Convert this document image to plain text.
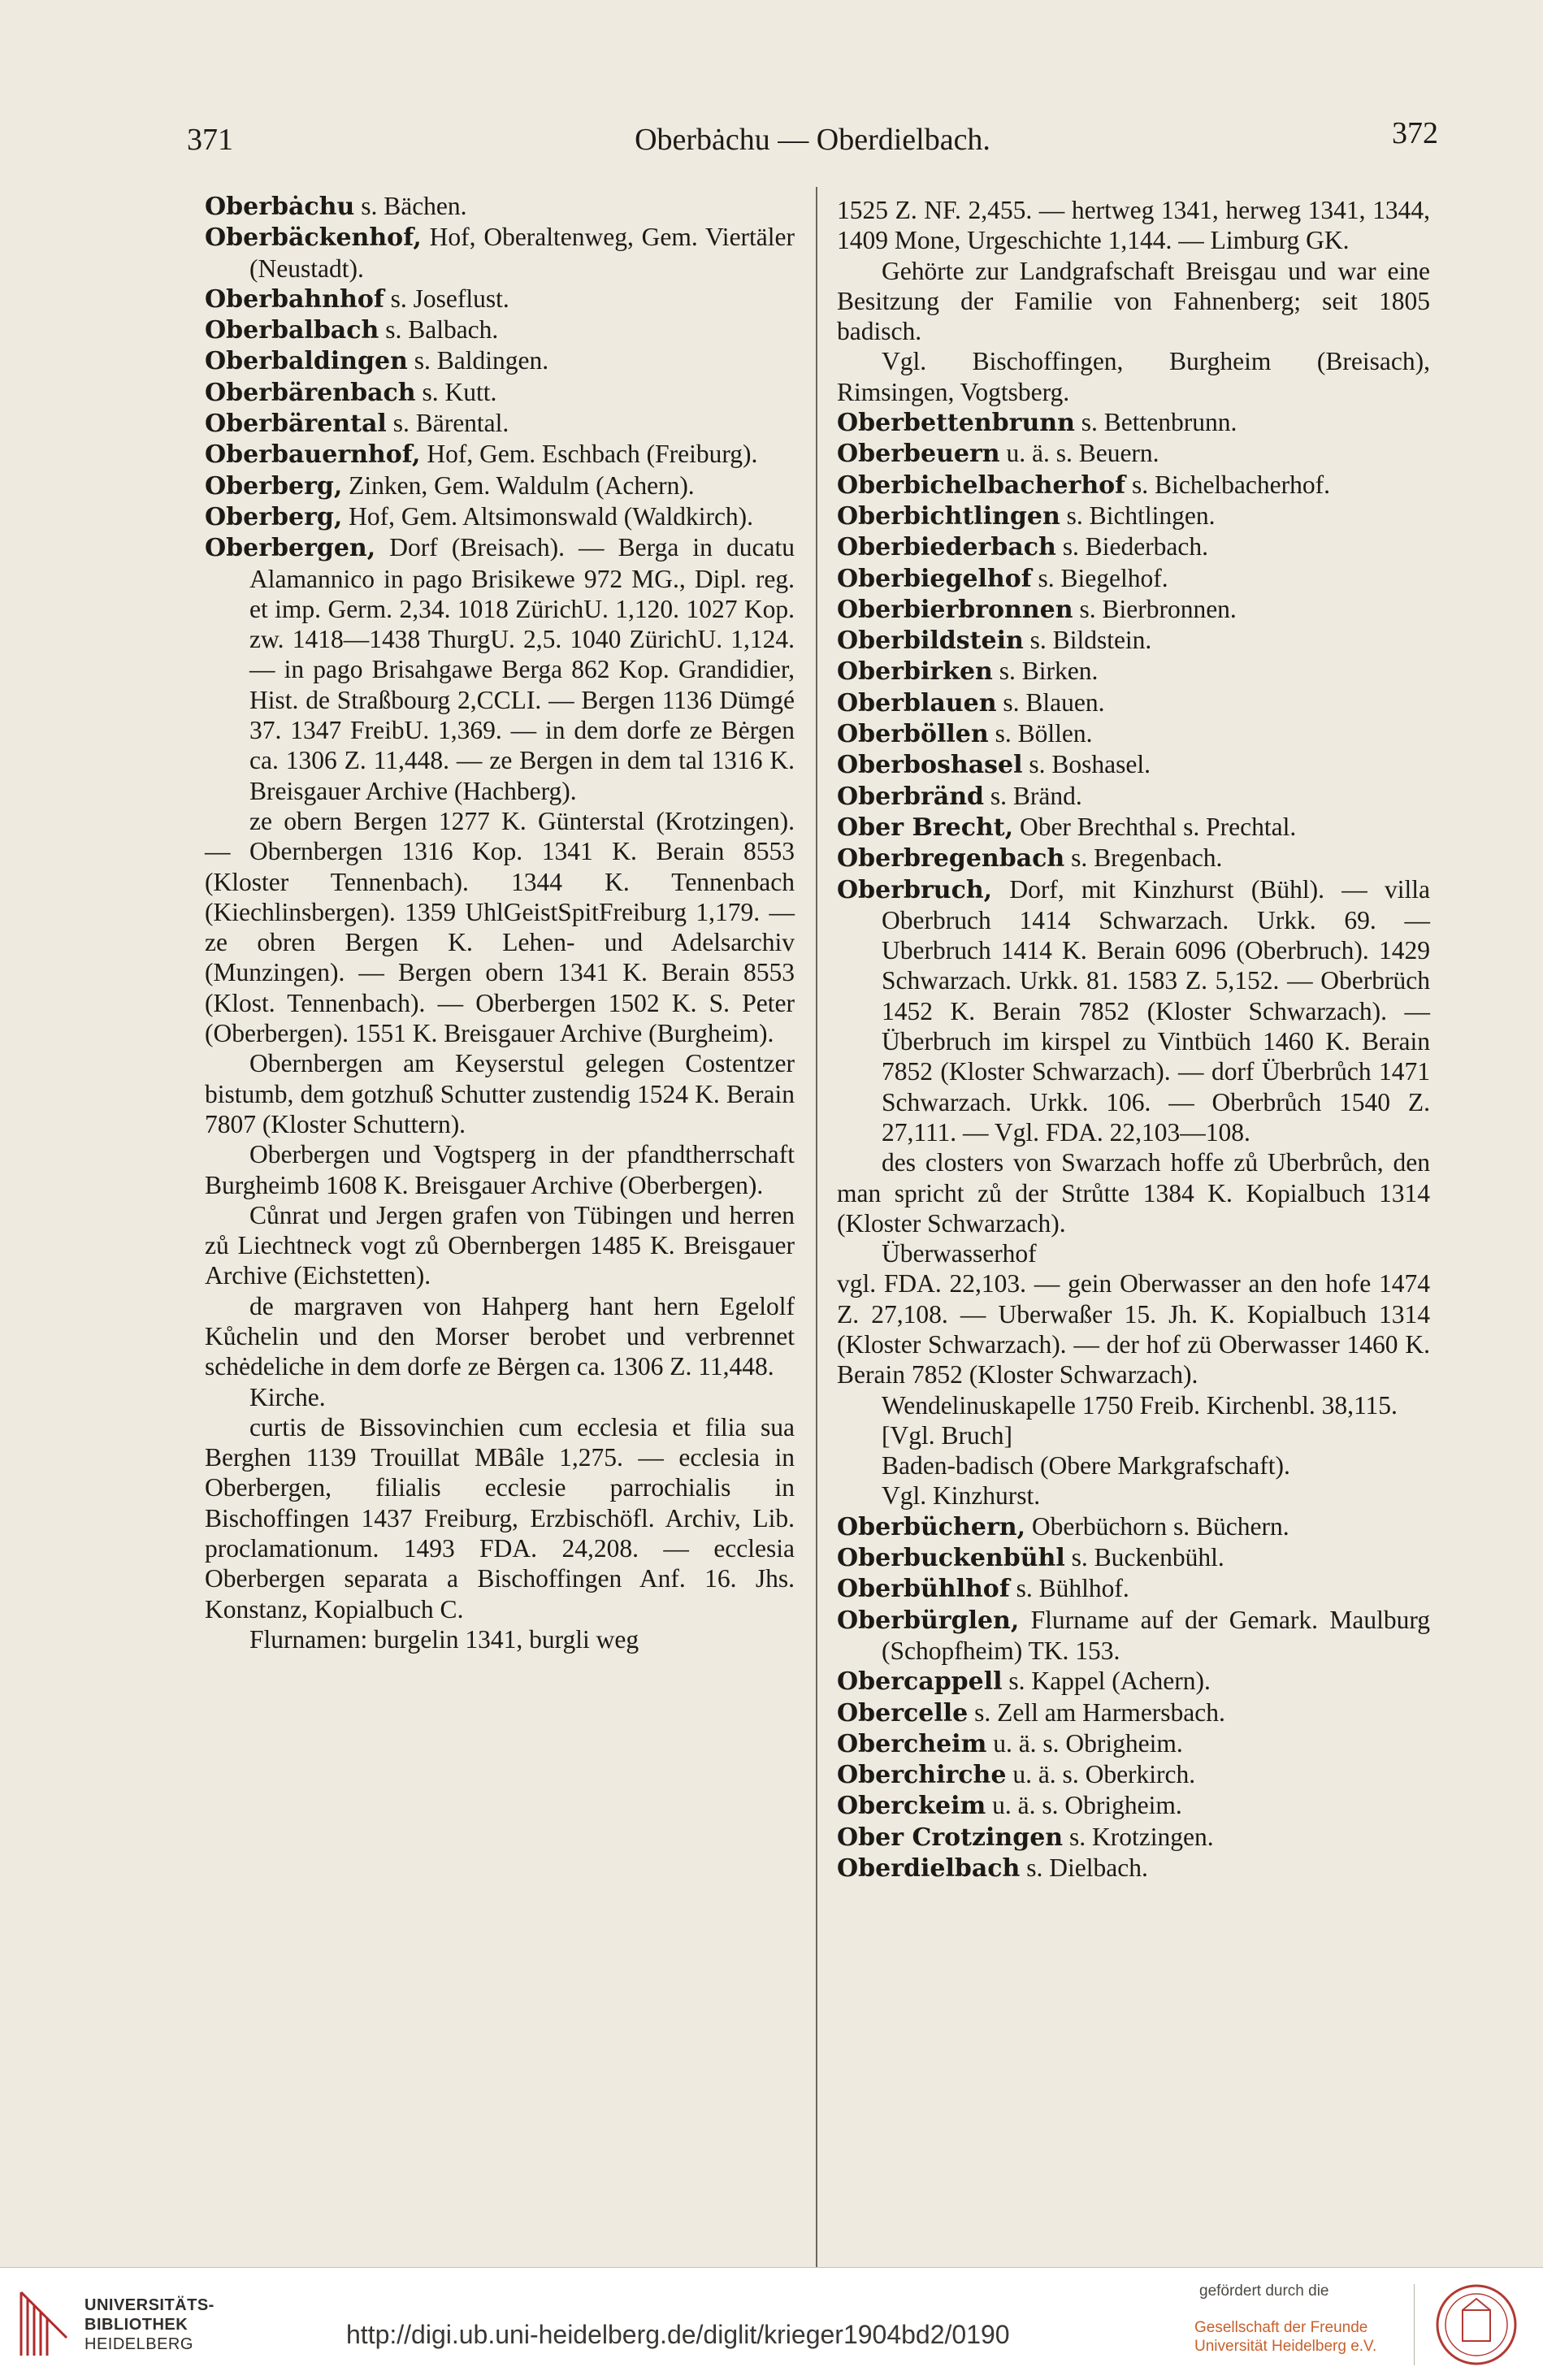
371	Oberbȧchu — Oberdielbach.	372

Oberbȧchu s. Bächen.

Oberbäckenhof, Hof, Oberaltenweg, Gem. Viertäler (Neustadt).

Oberbahnhof s. Joseflust.

Oberbalbach s. Balbach.

Oberbaldingen s. Baldingen.

Oberbärenbach s. Kutt.

Oberbärental s. Bärental.

Oberbauernhof, Hof, Gem. Eschbach (Freiburg).

Oberberg, Zinken, Gem. Waldulm (Achern).

Oberberg, Hof, Gem. Altsimonswald (Waldkirch).

Oberbergen, Dorf (Breisach). — Berga in ducatu Alamannico in pago Brisikewe 972 MG., Dipl. reg. et imp. Germ. 2,34. 1018 ZürichU. 1,120. 1027 Kop. zw. 1418—1438 ThurgU. 2,5. 1040 ZürichU. 1,124. — in pago Brisahgawe Berga 862 Kop. Grandidier, Hist. de Straßbourg 2,CCLI. — Bergen 1136 Dümgé 37. 1347 FreibU. 1,369. — in dem dorfe ze Bėrgen ca. 1306 Z. 11,448. — ze Bergen in dem tal 1316 K. Breisgauer Archive (Hachberg).

ze obern Bergen 1277 K. Günterstal (Krotzingen). — Obernbergen 1316 Kop. 1341 K. Berain 8553 (Kloster Tennenbach). 1344 K. Tennenbach (Kiechlinsbergen). 1359 UhlGeistSpitFreiburg 1,179. — ze obren Bergen K. Lehen- und Adelsarchiv (Munzingen). — Bergen obern 1341 K. Berain 8553 (Klost. Tennenbach). — Oberbergen 1502 K. S. Peter (Oberbergen). 1551 K. Breisgauer Archive (Burgheim).

Obernbergen am Keyserstul gelegen Costentzer bistumb, dem gotzhuß Schutter zustendig 1524 K. Berain 7807 (Kloster Schuttern).

Oberbergen und Vogtsperg in der pfandtherrschaft Burgheimb 1608 K. Breisgauer Archive (Oberbergen).

Cůnrat und Jergen grafen von Tübingen und herren zů Liechtneck vogt zů Obernbergen 1485 K. Breisgauer Archive (Eichstetten).

de margraven von Hahperg hant hern Egelolf Kůchelin und den Morser berobet und verbrennet schėdeliche in dem dorfe ze Bėrgen ca. 1306 Z. 11,448.

Kirche.

curtis de Bissovinchien cum ecclesia et filia sua Berghen 1139 Trouillat MBâle 1,275. — ecclesia in Oberbergen, filialis ecclesie parrochialis in Bischoffingen 1437 Freiburg, Erzbischöfl. Archiv, Lib. proclamationum. 1493 FDA. 24,208. — ecclesia Oberbergen separata a Bischoffingen Anf. 16. Jhs. Konstanz, Kopialbuch C.

Flurnamen: burgelin 1341, burgli weg

1525 Z. NF. 2,455. — hertweg 1341, herweg 1341, 1344, 1409 Mone, Urgeschichte 1,144. — Limburg GK.

Gehörte zur Landgrafschaft Breisgau und war eine Besitzung der Familie von Fahnenberg; seit 1805 badisch.

Vgl. Bischoffingen, Burgheim (Breisach), Rimsingen, Vogtsberg.

Oberbettenbrunn s. Bettenbrunn.

Oberbeuern u. ä. s. Beuern.

Oberbichelbacherhof s. Bichelbacherhof.

Oberbichtlingen s. Bichtlingen.

Oberbiederbach s. Biederbach.

Oberbiegelhof s. Biegelhof.

Oberbierbronnen s. Bierbronnen.

Oberbildstein s. Bildstein.

Oberbirken s. Birken.

Oberblauen s. Blauen.

Oberböllen s. Böllen.

Oberboshasel s. Boshasel.

Oberbränd s. Bränd.

Ober Brecht, Ober Brechthal s. Prechtal.

Oberbregenbach s. Bregenbach.

Oberbruch, Dorf, mit Kinzhurst (Bühl). — villa Oberbruch 1414 Schwarzach. Urkk. 69. — Uberbruch 1414 K. Berain 6096 (Oberbruch). 1429 Schwarzach. Urkk. 81. 1583 Z. 5,152. — Oberbrüch 1452 K. Berain 7852 (Kloster Schwarzach). — Überbruch im kirspel zu Vintbüch 1460 K. Berain 7852 (Kloster Schwarzach). — dorf Überbrůch 1471 Schwarzach. Urkk. 106. — Oberbrůch 1540 Z. 27,111. — Vgl. FDA. 22,103—108.

des closters von Swarzach hoffe zů Uberbrůch, den man spricht zů der Strůtte 1384 K. Kopialbuch 1314 (Kloster Schwarzach).

Überwasserhof

vgl. FDA. 22,103. — gein Oberwasser an den hofe 1474 Z. 27,108. — Uberwaßer 15. Jh. K. Kopialbuch 1314 (Kloster Schwarzach). — der hof zü Oberwasser 1460 K. Berain 7852 (Kloster Schwarzach).

Wendelinuskapelle 1750 Freib. Kirchenbl. 38,115.

[Vgl. Bruch]

Baden-badisch (Obere Markgrafschaft).

Vgl. Kinzhurst.

Oberbüchern, Oberbüchorn s. Büchern.

Oberbuckenbühl s. Buckenbühl.

Oberbühlhof s. Bühlhof.

Oberbürglen, Flurname auf der Gemark. Maulburg (Schopfheim) TK. 153.

Obercappell s. Kappel (Achern).

Obercelle s. Zell am Harmersbach.

Obercheim u. ä. s. Obrigheim.

Oberchirche u. ä. s. Oberkirch.

Oberckeim u. ä. s. Obrigheim.

Ober Crotzingen s. Krotzingen.

Oberdielbach s. Dielbach.

UNIVERSITÄTS-
BIBLIOTHEK
HEIDELBERG	http://digi.ub.uni-heidelberg.de/diglit/krieger1904bd2/0190
gefördert durch die
Gesellschaft der Freunde
Universität Heidelberg e.V.
